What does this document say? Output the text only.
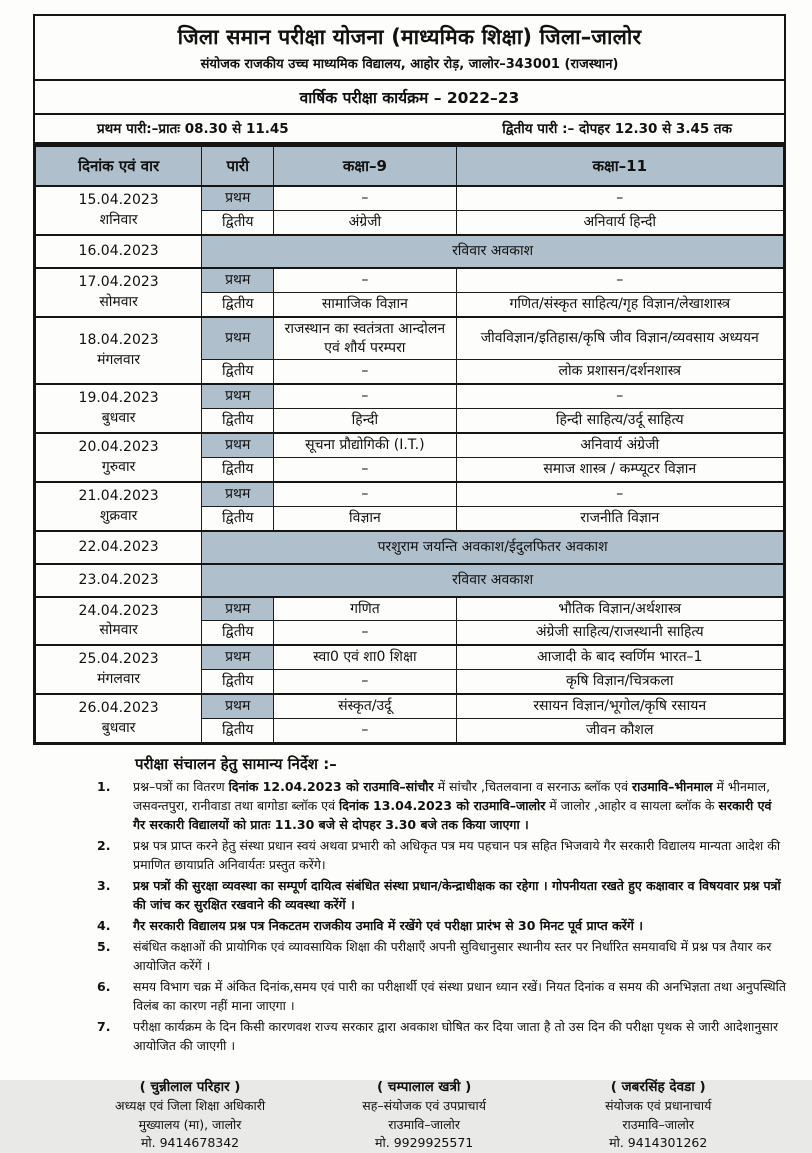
जिला समान परीक्षा योजना (माध्यमिक शिक्षा) जिला–जालोर
संयोजक राजकीय उच्च माध्यमिक विद्यालय, आहोर रोड़, जालोर–343001 (राजस्थान)
वार्षिक परीक्षा कार्यक्रम – 2022–23
प्रथम पारी:–प्रातः 08.30 से 11.45	द्वितीय पारी :– दोपहर 12.30 से 3.45 तक
दिनांक एवं वार	पारी	कक्षा–9	कक्षा–11

15.04.2023
शनिवार	प्रथम	–	–
	द्वितीय	अंग्रेजी	अनिवार्य हिन्दी
16.04.2023	रविवार अवकाश		

17.04.2023
सोमवार	प्रथम	–	–
	द्वितीय	सामाजिक विज्ञान	गणित/संस्कृत साहित्य/गृह विज्ञान/लेखाशास्त्र

18.04.2023
मंगलवार	प्रथम	राजस्थान का स्वतंत्रता आन्दोलन एवं शौर्य परम्परा	जीवविज्ञान/इतिहास/कृषि जीव विज्ञान/व्यवसाय अध्ययन
	द्वितीय	–	लोक प्रशासन/दर्शनशास्त्र

19.04.2023
बुधवार	प्रथम	–	–
	द्वितीय	हिन्दी	हिन्दी साहित्य/उर्दू साहित्य

20.04.2023
गुरुवार	प्रथम	सूचना प्रौद्योगिकी (I.T.)	अनिवार्य अंग्रेजी
	द्वितीय	–	समाज शास्त्र / कम्प्यूटर विज्ञान

21.04.2023
शुक्रवार	प्रथम	–	–
	द्वितीय	विज्ञान	राजनीति विज्ञान
22.04.2023	परशुराम जयन्ति अवकाश/ईदुलफितर अवकाश		
23.04.2023	रविवार अवकाश		

24.04.2023
सोमवार	प्रथम	गणित	भौतिक विज्ञान/अर्थशास्त्र
	द्वितीय	–	अंग्रेजी साहित्य/राजस्थानी साहित्य

25.04.2023
मंगलवार	प्रथम	स्वा0 एवं शा0 शिक्षा	आजादी के बाद स्वर्णिम भारत–1
	द्वितीय	–	कृषि विज्ञान/चित्रकला

26.04.2023
बुधवार	प्रथम	संस्कृत/उर्दू	रसायन विज्ञान/भूगोल/कृषि रसायन
	द्वितीय	–	जीवन कौशल
परीक्षा संचालन हेतु सामान्य निर्देश :–
1.	प्रश्न–पत्रों का वितरण दिनांक 12.04.2023 को राउमावि–सांचौर में सांचौर ,चितलवाना व सरनाऊ ब्लॉक एवं राउमावि–भीनमाल में भीनमाल, जसवन्तपुरा, रानीवाडा तथा बागोडा ब्लॉक एवं दिनांक 13.04.2023 को राउमावि–जालोर में जालोर ,आहोर व सायला ब्लॉक के सरकारी एवं गैर सरकारी विद्यालयों को प्रातः 11.30 बजे से दोपहर 3.30 बजे तक किया जाएगा ।
2.	प्रश्न पत्र प्राप्त करने हेतु संस्था प्रधान स्वयं अथवा प्रभारी को अधिकृत पत्र मय पहचान पत्र सहित भिजवाये गैर सरकारी विद्यालय मान्यता आदेश की प्रमाणित छायाप्रति अनिवार्यतः प्रस्तुत करेंगे।
3.	प्रश्न पत्रों की सुरक्षा व्यवस्था का सम्पूर्ण दायित्व संबंधित संस्था प्रधान/केन्द्राधीक्षक का रहेगा । गोपनीयता रखते हुए कक्षावार व विषयवार प्रश्न पत्रों की जांच कर सुरक्षित रखवाने की व्यवस्था करेंगें ।
4.	गैर सरकारी विद्यालय प्रश्न पत्र निकटतम राजकीय उमावि में रखेंगे एवं परीक्षा प्रारंभ से 30 मिनट पूर्व प्राप्त करेंगें ।
5.	संबंधित कक्षाओं की प्रायोगिक एवं व्यावसायिक शिक्षा की परीक्षाएँ अपनी सुविधानुसार स्थानीय स्तर पर निर्धारित समयावधि में प्रश्न पत्र तैयार कर आयोजित करेंगें ।
6.	समय विभाग चक्र में अंकित दिनांक,समय एवं पारी का परीक्षार्थी एवं संस्था प्रधान ध्यान रखें। नियत दिनांक व समय की अनभिज्ञता तथा अनुपस्थिति विलंब का कारण नहीं माना जाएगा ।
7.	परीक्षा कार्यक्रम के दिन किसी कारणवश राज्य सरकार द्वारा अवकाश घोषित कर दिया जाता है तो उस दिन की परीक्षा पृथक से जारी आदेशानुसार आयोजित की जाएगी ।
( चुन्नीलाल परिहार )
अध्यक्ष एवं जिला शिक्षा अधिकारी
मुख्यालय (मा), जालोर
मो. 9414678342
( चम्पालाल खत्री )
सह–संयोजक एवं उपप्राचार्य
राउमावि–जालोर
मो. 9929925571
( जबरसिंह देवडा )
संयोजक एवं प्रधानाचार्य
राउमावि–जालोर
मो. 9414301262
